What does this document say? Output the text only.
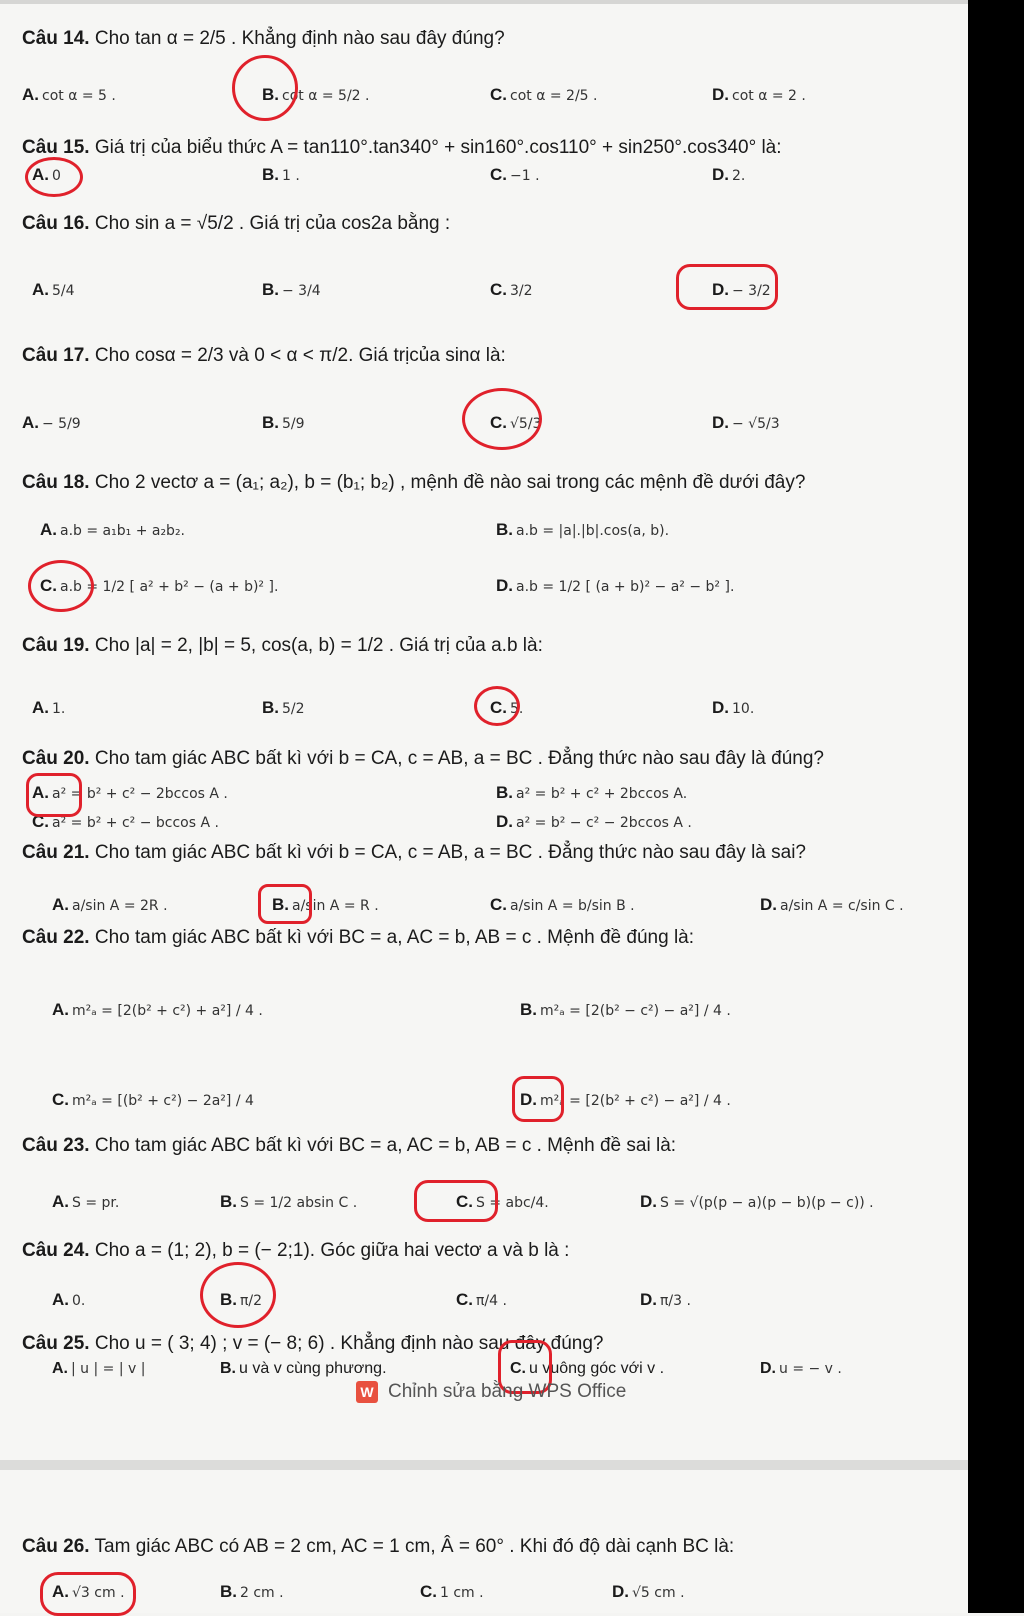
Câu 14. Cho tan α = 2/5 . Khẳng định nào sau đây đúng?
A. cot α = 5 .	B. cot α = 5/2 .	C. cot α = 2/5 .	D. cot α = 2 .
Câu 15. Giá trị của biểu thức A = tan110°.tan340° + sin160°.cos110° + sin250°.cos340° là:
A. 0	B. 1 .	C. −1 .	D. 2.
Câu 16. Cho sin a = √5/2 . Giá trị của cos2a bằng :
A. 5/4	B. − 3/4	C. 3/2	D. − 3/2
Câu 17. Cho cosα = 2/3 và 0 < α < π/2. Giá trịcủa sinα là:
A. − 5/9	B. 5/9	C. √5/3	D. − √5/3
Câu 18. Cho 2 vectơ a = (a₁; a₂), b = (b₁; b₂) , mệnh đề nào sai trong các mệnh đề dưới đây?
A. a.b = a₁b₁ + a₂b₂.	B. a.b = |a|.|b|.cos(a, b).
C. a.b = 1/2 [ a² + b² − (a + b)² ].	D. a.b = 1/2 [ (a + b)² − a² − b² ].
Câu 19. Cho |a| = 2, |b| = 5, cos(a, b) = 1/2 . Giá trị của a.b là:
A. 1.	B. 5/2	C. 5.	D. 10.
Câu 20. Cho tam giác ABC bất kì với b = CA, c = AB, a = BC . Đẳng thức nào sau đây là đúng?
A. a² = b² + c² − 2bccos A .	B. a² = b² + c² + 2bccos A.
C. a² = b² + c² − bccos A .	D. a² = b² − c² − 2bccos A .
Câu 21. Cho tam giác ABC bất kì với b = CA, c = AB, a = BC . Đẳng thức nào sau đây là sai?
A. a/sin A = 2R .	B. a/sin A = R .	C. a/sin A = b/sin B .	D. a/sin A = c/sin C .
Câu 22. Cho tam giác ABC bất kì với BC = a, AC = b, AB = c . Mệnh đề đúng là:
A. m²ₐ = [2(b² + c²) + a²] / 4 .	B. m²ₐ = [2(b² − c²) − a²] / 4 .
C. m²ₐ = [(b² + c²) − 2a²] / 4	D. m²ₐ = [2(b² + c²) − a²] / 4 .
Câu 23. Cho tam giác ABC bất kì với BC = a, AC = b, AB = c . Mệnh đề sai là:
A. S = pr.	B. S = 1/2 absin C .	C. S = abc/4.	D. S = √(p(p − a)(p − b)(p − c)) .
Câu 24. Cho a = (1; 2), b = (− 2;1). Góc giữa hai vectơ a và b là :
A. 0.	B. π/2	C. π/4 .	D. π/3 .
Câu 25. Cho u = ( 3; 4) ; v = (− 8; 6) . Khẳng định nào sau đây đúng?
A. | u | = | v |	B. u và v cùng phương.	C. u vuông góc với v .	D. u = − v .
W Chỉnh sửa bằng WPS Office
Câu 26. Tam giác ABC có AB = 2 cm, AC = 1 cm, Â = 60° . Khi đó độ dài cạnh BC là:
A. √3 cm .	B. 2 cm .	C. 1 cm .	D. √5 cm .
